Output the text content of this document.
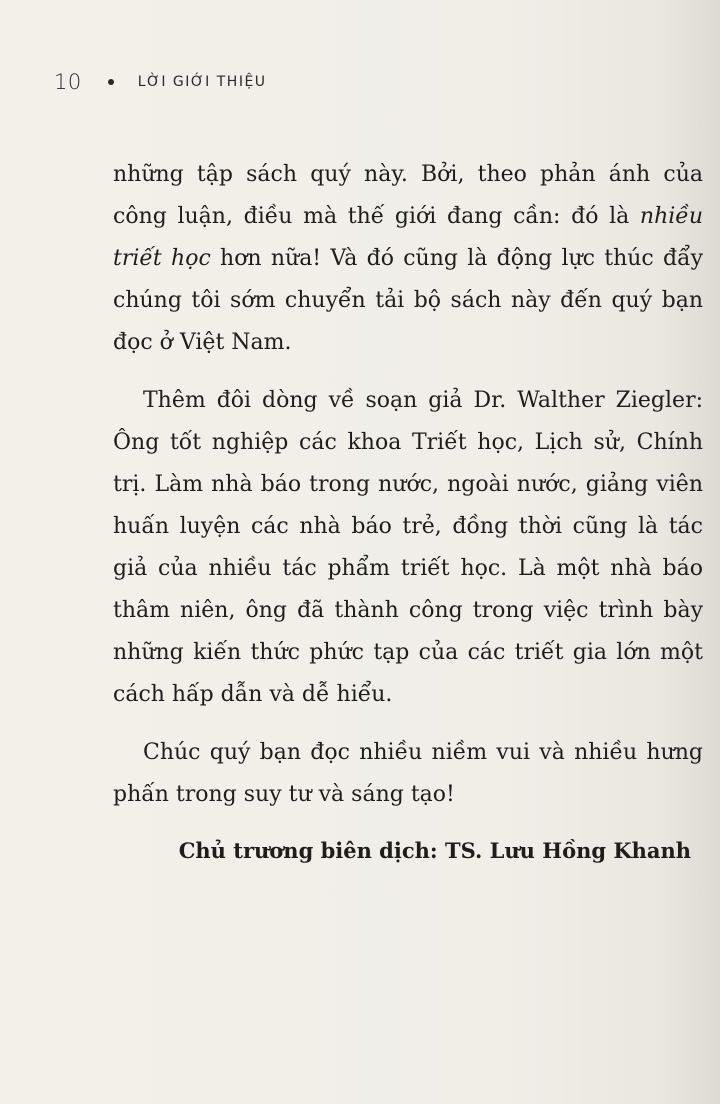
10	LỜI GIỚI THIỆU

những tập sách quý này. Bởi, theo phản ánh của công luận, điều mà thế giới đang cần: đó là nhiều triết học hơn nữa! Và đó cũng là động lực thúc đẩy chúng tôi sớm chuyển tải bộ sách này đến quý bạn đọc ở Việt Nam.

Thêm đôi dòng về soạn giả Dr. Walther Ziegler: Ông tốt nghiệp các khoa Triết học, Lịch sử, Chính trị. Làm nhà báo trong nước, ngoài nước, giảng viên huấn luyện các nhà báo trẻ, đồng thời cũng là tác giả của nhiều tác phẩm triết học. Là một nhà báo thâm niên, ông đã thành công trong việc trình bày những kiến thức phức tạp của các triết gia lớn một cách hấp dẫn và dễ hiểu.

Chúc quý bạn đọc nhiều niềm vui và nhiều hưng phấn trong suy tư và sáng tạo!

Chủ trương biên dịch: TS. Lưu Hồng Khanh
